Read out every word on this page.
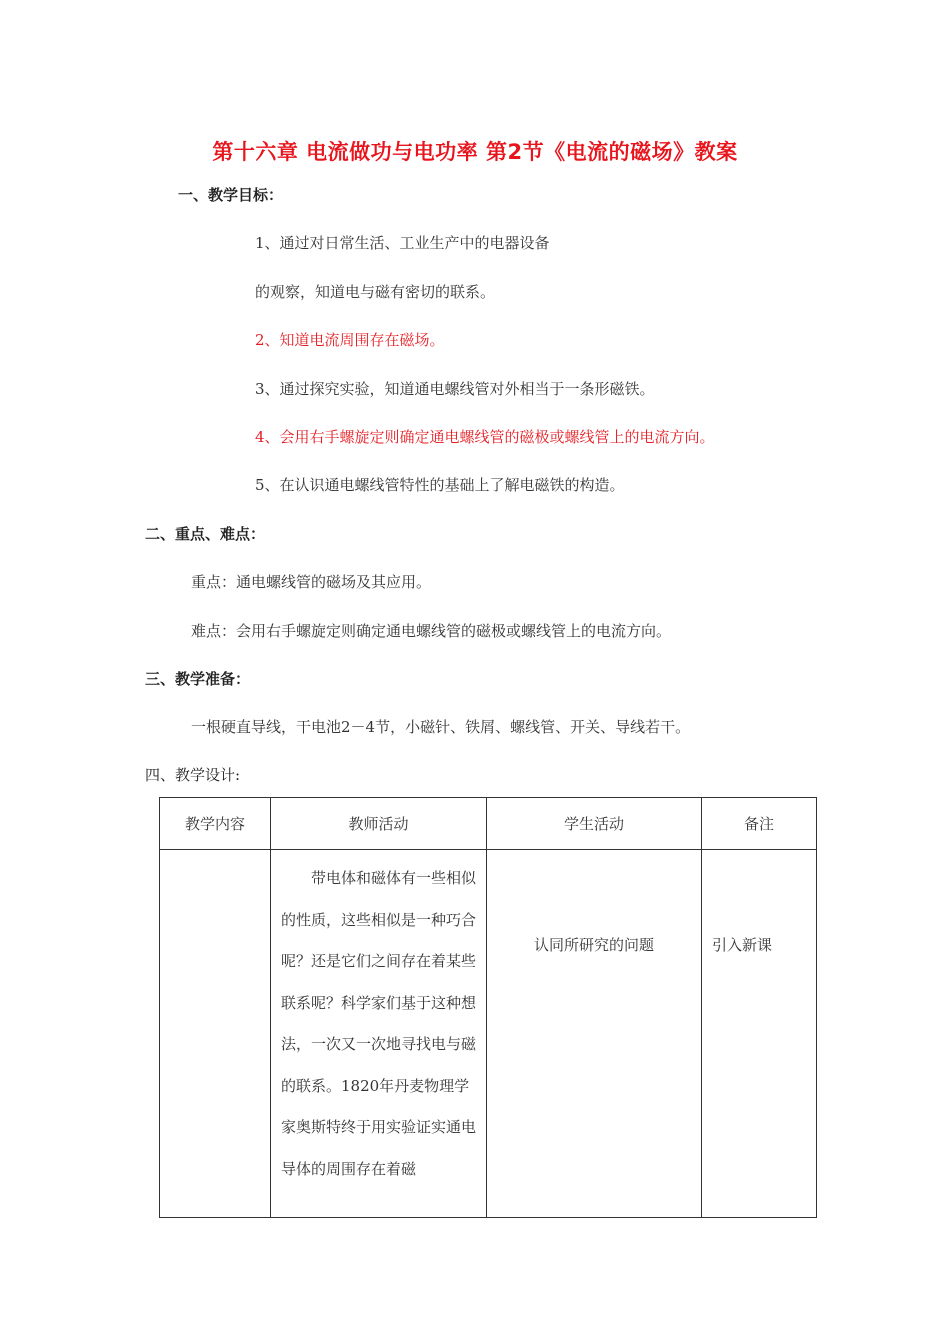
第十六章 电流做功与电功率 第2节《电流的磁场》教案
一、教学目标：
1、通过对日常生活、工业生产中的电器设备
的观察，知道电与磁有密切的联系。
2、知道电流周围存在磁场。
3、通过探究实验，知道通电螺线管对外相当于一条形磁铁。
4、会用右手螺旋定则确定通电螺线管的磁极或螺线管上的电流方向。
5、在认识通电螺线管特性的基础上了解电磁铁的构造。
二、重点、难点：
重点：通电螺线管的磁场及其应用。
难点：会用右手螺旋定则确定通电螺线管的磁极或螺线管上的电流方向。
三、教学准备：
一根硬直导线，干电池2－4节，小磁针、铁屑、螺线管、开关、导线若干。
四、教学设计:
教学内容	教师活动	学生活动	备注
	带电体和磁体有一些相似的性质，这些相似是一种巧合呢？还是它们之间存在着某些联系呢？科学家们基于这种想法，一次又一次地寻找电与磁的联系。1820年丹麦物理学家奥斯特终于用实验证实通电导体的周围存在着磁	认同所研究的问题	引入新课
